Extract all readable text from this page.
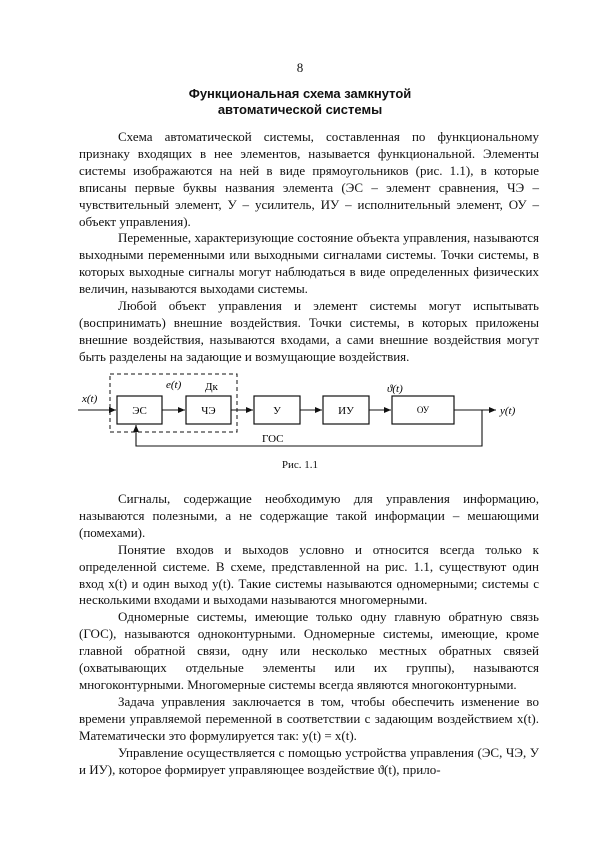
8
Функциональная схема замкнутой
автоматической системы

Схема автоматической системы, составленная по функциональному признаку входящих в нее элементов, называется функциональной. Элементы системы изображаются на ней в виде прямоугольников (рис. 1.1), в которые вписаны первые буквы названия элемента (ЭС – элемент сравнения, ЧЭ – чувствительный элемент, У – усилитель, ИУ – исполнительный элемент, ОУ – объект управления).

Переменные, характеризующие состояние объекта управления, называются выходными переменными или выходными сигналами системы. Точки системы, в которых выходные сигналы могут наблюдаться в виде определенных физических величин, называются выходами системы.

Любой объект управления и элемент системы могут испытывать (воспринимать) внешние воздействия. Точки системы, в которых приложены внешние воздействия, называются входами, а сами внешние воздействия могут быть разделены на задающие и возмущающие воздействия.

ЭС	ЧЭ	У	ИУ	ОУ
x(t)
y(t)
e(t) Дк	ϑ(t)
ГОС
Рис. 1.1

Сигналы, содержащие необходимую для управления информацию, называются полезными, а не содержащие такой информации – мешающими (помехами).

Понятие входов и выходов условно и относится всегда только к определенной системе. В схеме, представленной на рис. 1.1, существуют один вход x(t) и один выход y(t). Такие системы называются одномерными; системы с несколькими входами и выходами называются многомерными.

Одномерные системы, имеющие только одну главную обратную связь (ГОС), называются одноконтурными. Одномерные системы, имеющие, кроме главной обратной связи, одну или несколько местных обратных связей (охватывающих отдельные элементы или их группы), называются многоконтурными. Многомерные системы всегда являются многоконтурными.

Задача управления заключается в том, чтобы обеспечить изменение во времени управляемой переменной в соответствии с задающим воздействием x(t). Математически это формулируется так: y(t) = x(t).

Управление осуществляется с помощью устройства управления (ЭС, ЧЭ, У и ИУ), которое формирует управляющее воздействие ϑ(t), прило-
